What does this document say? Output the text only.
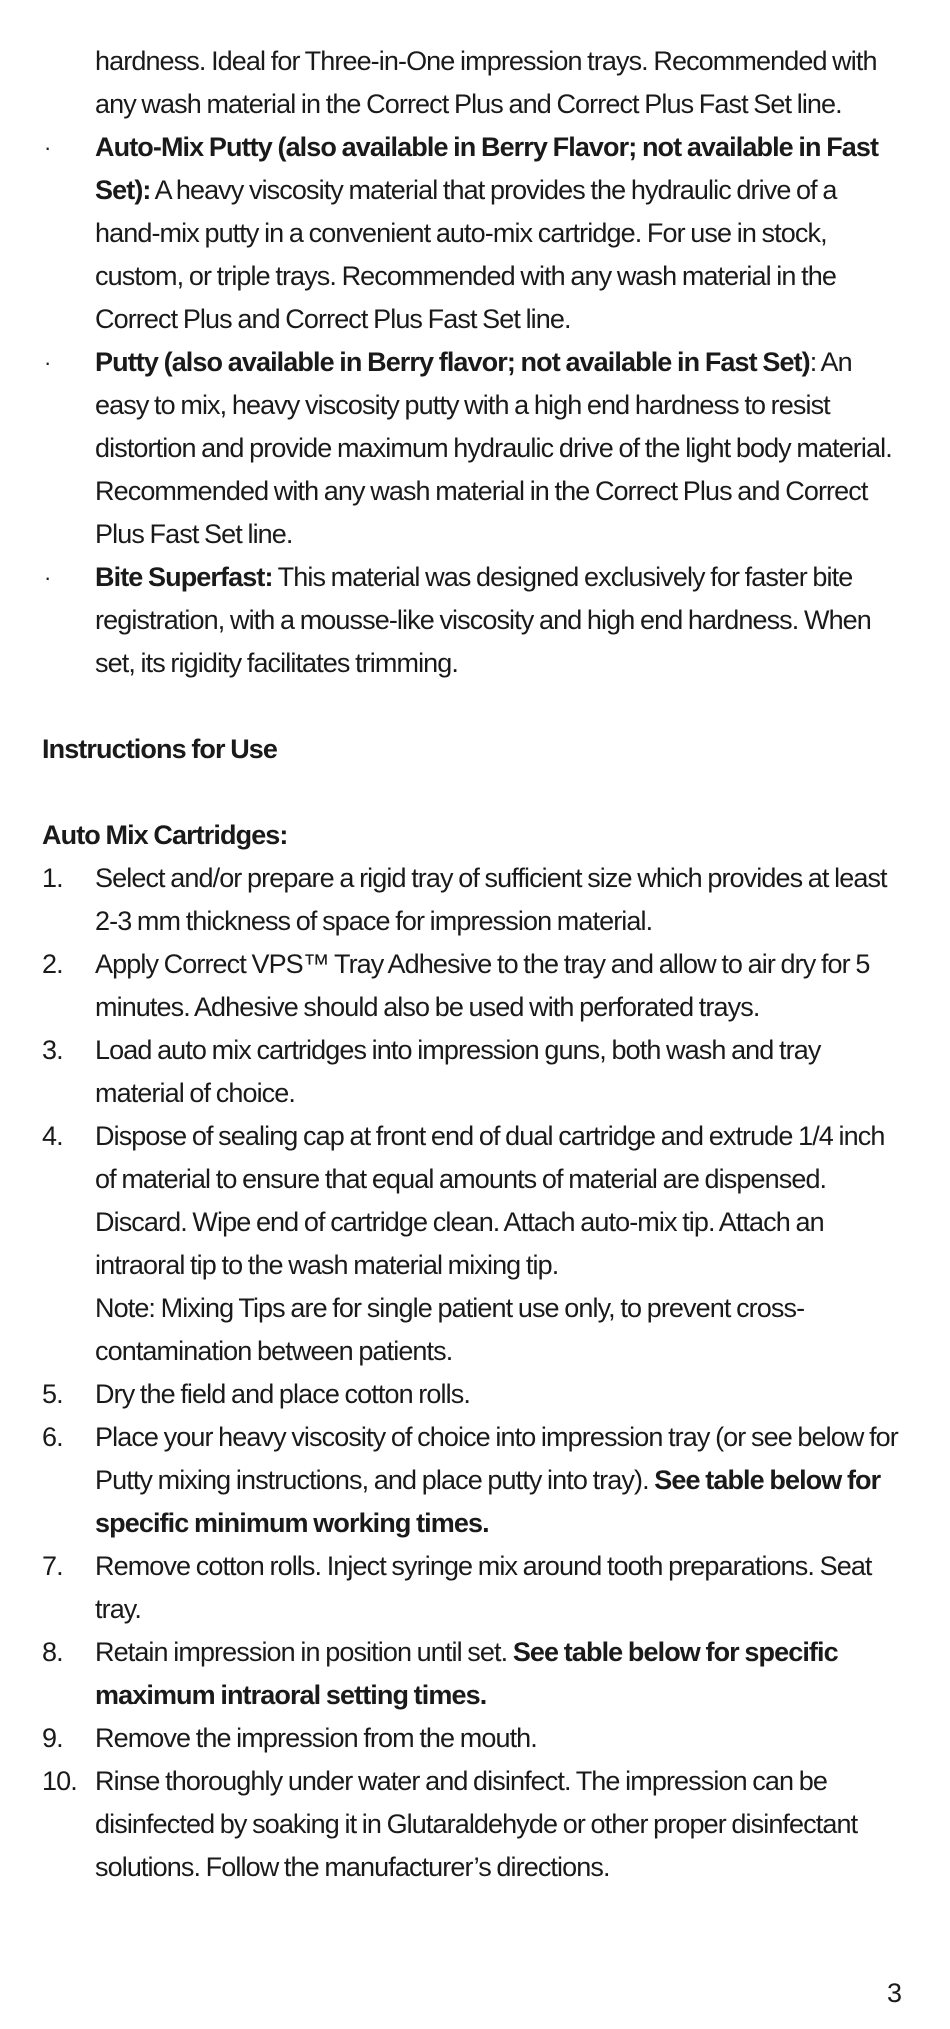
hardness. Ideal for Three-in-One impression trays. Recommended with any wash material in the Correct Plus and Correct Plus Fast Set line.
·	Auto-Mix Putty (also available in Berry Flavor; not available in Fast Set): A heavy viscosity material that provides the hydraulic drive of a hand-mix putty in a convenient auto-mix cartridge. For use in stock, custom, or triple trays. Recommended with any wash material in the Correct Plus and Correct Plus Fast Set line.
·	Putty (also available in Berry flavor; not available in Fast Set): An easy to mix, heavy viscosity putty with a high end hardness to resist distortion and provide maximum hydraulic drive of the light body material. Recommended with any wash material in the Correct Plus and Correct Plus Fast Set line.
·	Bite Superfast: This material was designed exclusively for faster bite registration, with a mousse-like viscosity and high end hardness. When set, its rigidity facilitates trimming.
Instructions for Use
Auto Mix Cartridges:
1.	Select and/or prepare a rigid tray of sufficient size which provides at least 2-3 mm thickness of space for impression material.
2.	Apply Correct VPS™ Tray Adhesive to the tray and allow to air dry for 5 minutes. Adhesive should also be used with perforated trays.
3.	Load auto mix cartridges into impression guns, both wash and tray material of choice.
4.	Dispose of sealing cap at front end of dual cartridge and extrude 1/4 inch of material to ensure that equal amounts of material are dispensed. Discard. Wipe end of cartridge clean. Attach auto-mix tip. Attach an intraoral tip to the wash material mixing tip.
Note: Mixing Tips are for single patient use only, to prevent cross-contamination between patients.
5.	Dry the field and place cotton rolls.
6.	Place your heavy viscosity of choice into impression tray (or see below for Putty mixing instructions, and place putty into tray). See table below for specific minimum working times.
7.	Remove cotton rolls. Inject syringe mix around tooth preparations. Seat tray.
8.	Retain impression in position until set. See table below for specific maximum intraoral setting times.
9.	Remove the impression from the mouth.
10. Rinse thoroughly under water and disinfect. The impression can be disinfected by soaking it in Glutaraldehyde or other proper disinfectant solutions. Follow the manufacturer’s directions.
3
